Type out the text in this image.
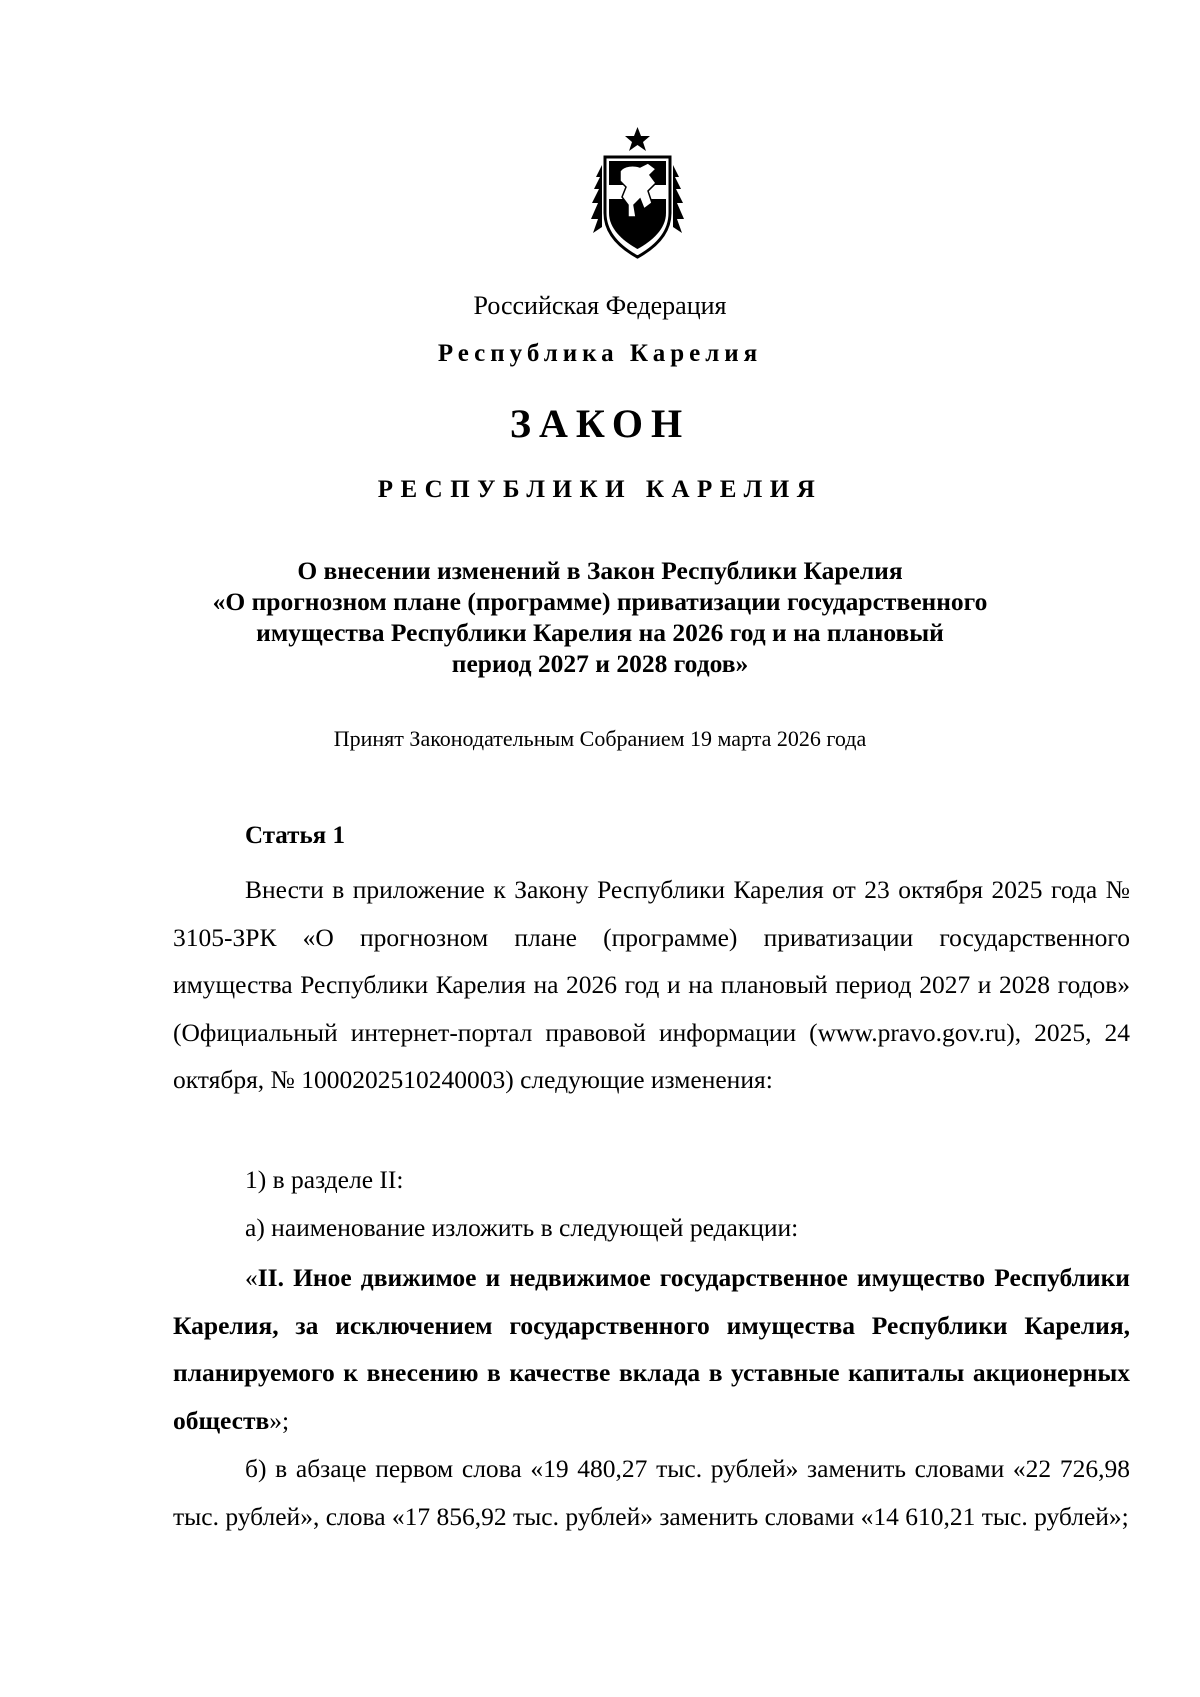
Российская Федерация
Республика Карелия
ЗАКОН
РЕСПУБЛИКИ КАРЕЛИЯ
О внесении изменений в Закон Республики Карелия
«О прогнозном плане (программе) приватизации государственного
имущества Республики Карелия на 2026 год и на плановый
период 2027 и 2028 годов»
Принят Законодательным Собранием 19 марта 2026 года
Статья 1
Внести в приложение к Закону Республики Карелия от 23 октября 2025 года № 3105-ЗРК «О прогнозном плане (программе) приватизации государственного имущества Республики Карелия на 2026 год и на плановый период 2027 и 2028 годов» (Официальный интернет-портал правовой информации (www.pravo.gov.ru), 2025, 24 октября, № 1000202510240003) следующие изменения:
1) в разделе II:
а) наименование изложить в следующей редакции:
«II. Иное движимое и недвижимое государственное имущество Республики Карелия, за исключением государственного имущества Республики Карелия, планируемого к внесению в качестве вклада в уставные капиталы акционерных обществ»;
б) в абзаце первом слова «19 480,27 тыс. рублей» заменить словами «22 726,98 тыс. рублей», слова «17 856,92 тыс. рублей» заменить словами «14 610,21 тыс. рублей»;
